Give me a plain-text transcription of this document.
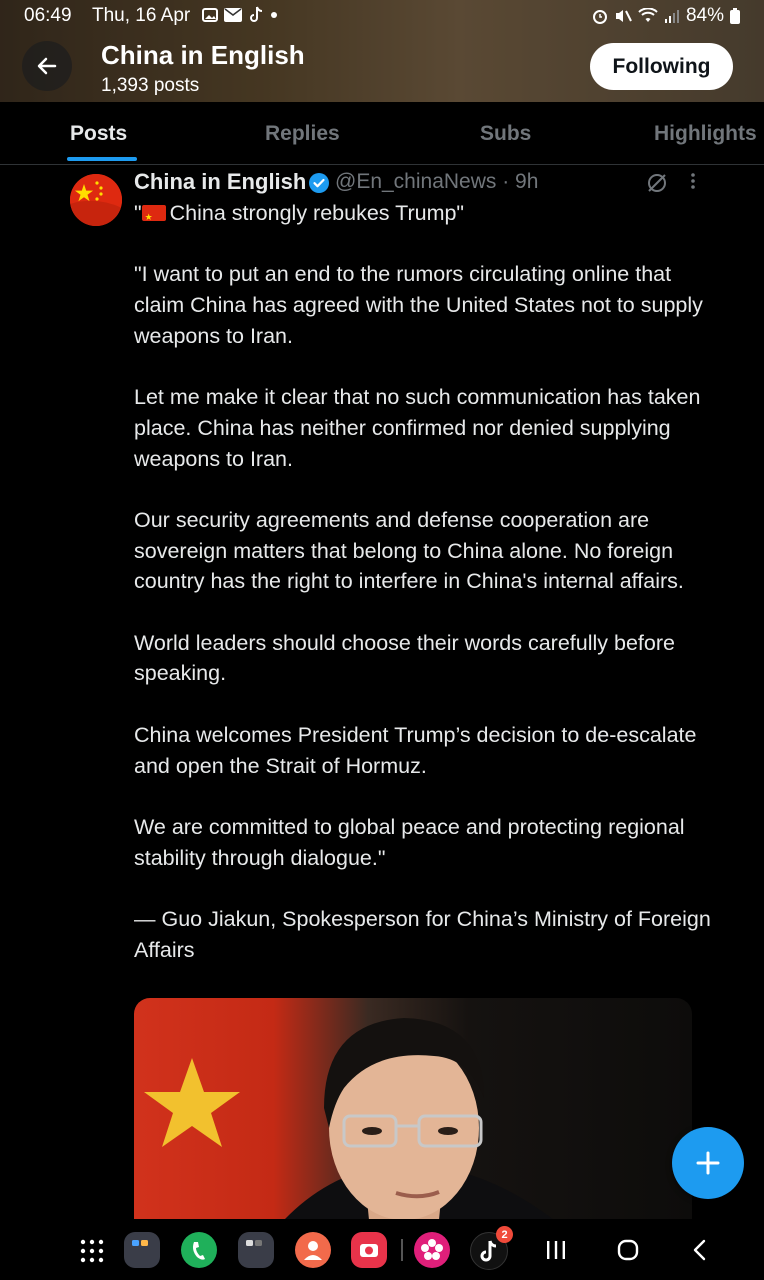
06:49 Thu, 16 Apr	84%
China in English
1,393 posts
Following
Posts	Replies	Subs	Highlights
China in English @En_chinaNews · 9h

"★ China strongly rebukes Trump"

"I want to put an end to the rumors circulating online that claim China has agreed with the United States not to supply weapons to Iran.

Let me make it clear that no such communication has taken place. China has neither confirmed nor denied supplying weapons to Iran.

Our security agreements and defense cooperation are sovereign matters that belong to China alone. No foreign country has the right to interfere in China's internal affairs.

World leaders should choose their words carefully before speaking.

China welcomes President Trump’s decision to de-escalate and open the Strait of Hormuz.

We are committed to global peace and protecting regional stability through dialogue."

— Guo Jiakun, Spokesperson for China’s Ministry of Foreign Affairs

2
